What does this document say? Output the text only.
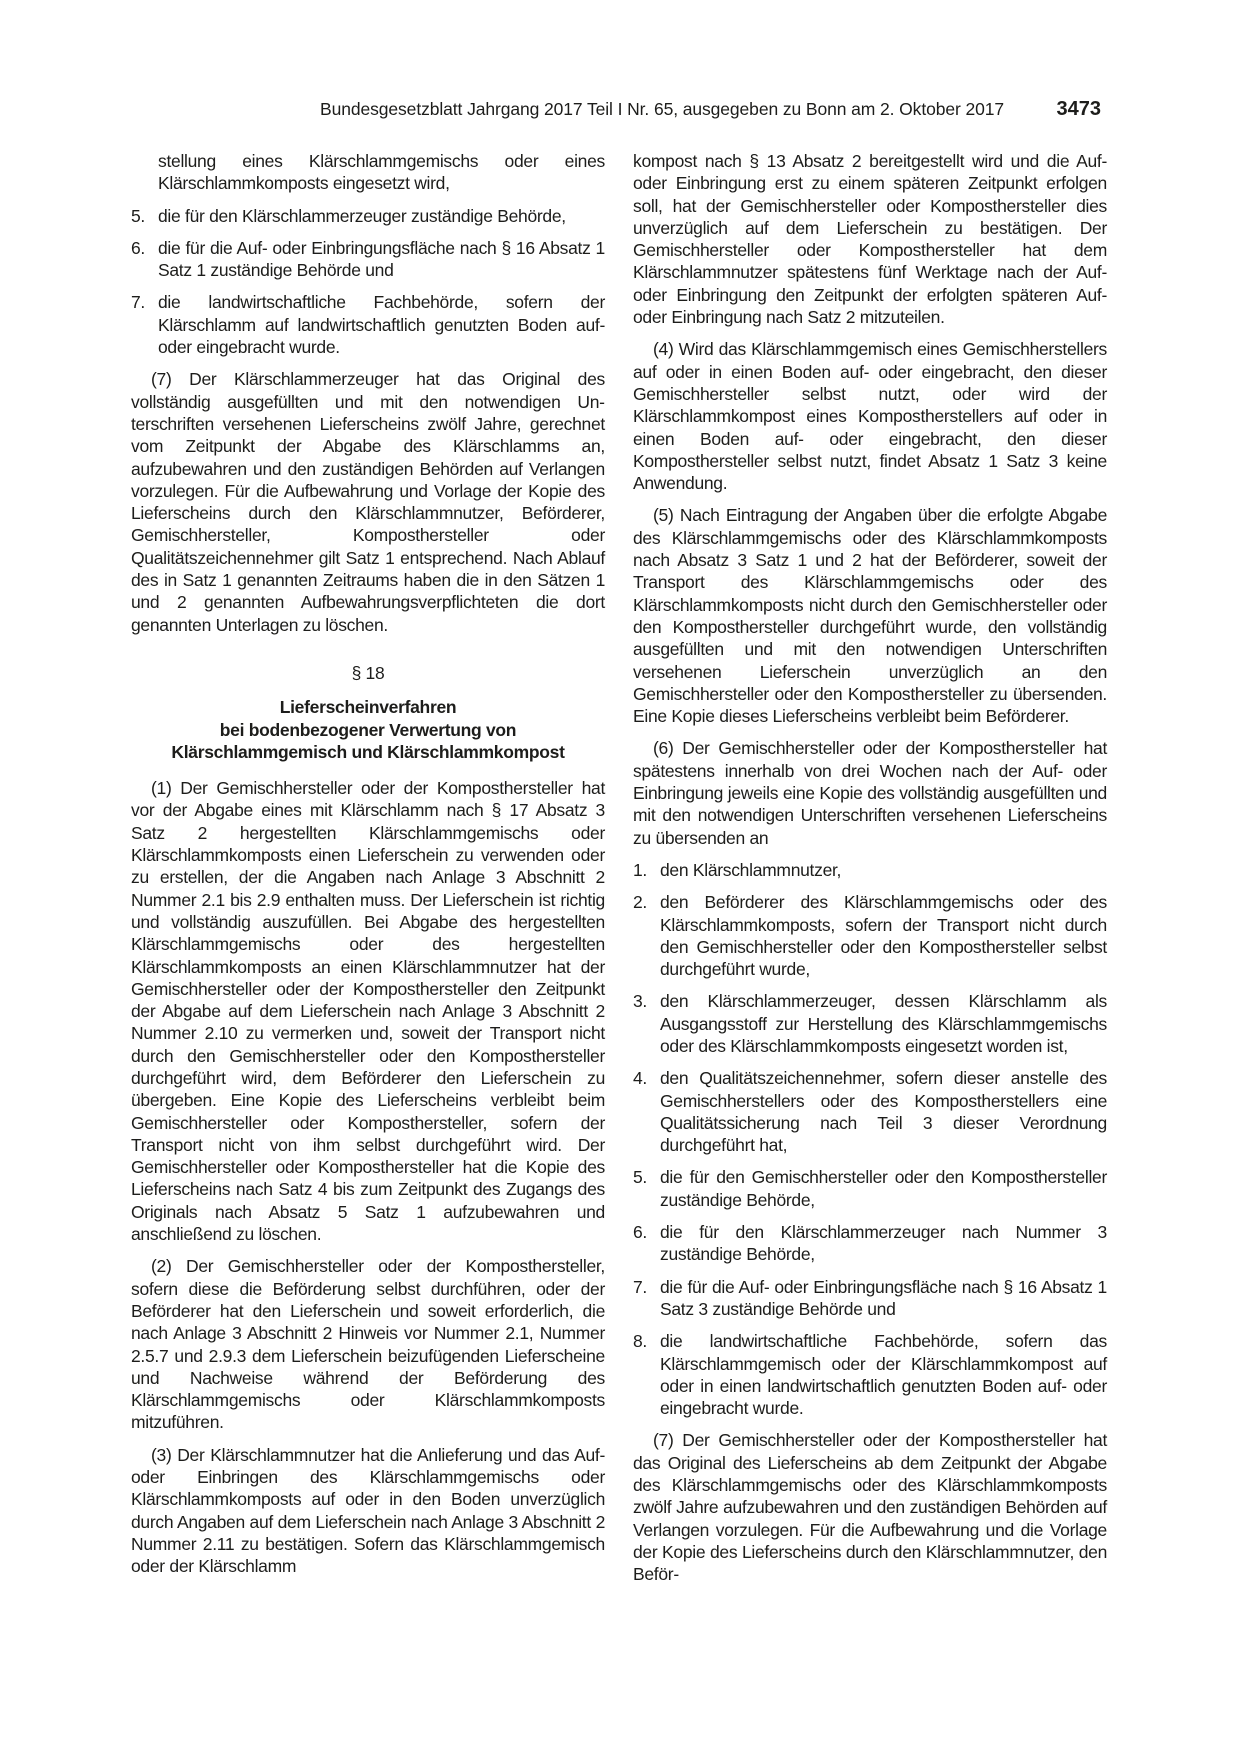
Bundesgesetzblatt Jahrgang 2017 Teil I Nr. 65, ausgegeben zu Bonn am 2. Oktober 2017	3473

stellung eines Klärschlammgemischs oder eines Klärschlammkomposts eingesetzt wird,

5. die für den Klärschlammerzeuger zuständige Behörde,
6. die für die Auf- oder Einbringungsfläche nach § 16 Absatz 1 Satz 1 zuständige Behörde und
7. die landwirtschaftliche Fachbehörde, sofern der Klärschlamm auf landwirtschaftlich genutzten Boden auf- oder eingebracht wurde.

(7) Der Klärschlammerzeuger hat das Original des vollständig ausgefüllten und mit den notwendigen Unterschriften versehenen Lieferscheins zwölf Jahre, gerechnet vom Zeitpunkt der Abgabe des Klärschlamms an, aufzubewahren und den zuständigen Behörden auf Verlangen vorzulegen. Für die Aufbewahrung und Vorlage der Kopie des Lieferscheins durch den Klärschlammnutzer, Beförderer, Gemischhersteller, Komposthersteller oder Qualitätszeichennehmer gilt Satz 1 entsprechend. Nach Ablauf des in Satz 1 genannten Zeitraums haben die in den Sätzen 1 und 2 genannten Aufbewahrungsverpflichteten die dort genannten Unterlagen zu löschen.

§ 18

Lieferscheinverfahren
bei bodenbezogener Verwertung von
Klärschlammgemisch und Klärschlammkompost

(1) Der Gemischhersteller oder der Komposthersteller hat vor der Abgabe eines mit Klärschlamm nach § 17 Absatz 3 Satz 2 hergestellten Klärschlammgemischs oder Klärschlammkomposts einen Lieferschein zu verwenden oder zu erstellen, der die Angaben nach Anlage 3 Abschnitt 2 Nummer 2.1 bis 2.9 enthalten muss. Der Lieferschein ist richtig und vollständig auszufüllen. Bei Abgabe des hergestellten Klärschlammgemischs oder des hergestellten Klärschlammkomposts an einen Klärschlammnutzer hat der Gemischhersteller oder der Komposthersteller den Zeitpunkt der Abgabe auf dem Lieferschein nach Anlage 3 Abschnitt 2 Nummer 2.10 zu vermerken und, soweit der Transport nicht durch den Gemischhersteller oder den Komposthersteller durchgeführt wird, dem Beförderer den Lieferschein zu übergeben. Eine Kopie des Lieferscheins verbleibt beim Gemischhersteller oder Komposthersteller, sofern der Transport nicht von ihm selbst durchgeführt wird. Der Gemischhersteller oder Komposthersteller hat die Kopie des Lieferscheins nach Satz 4 bis zum Zeitpunkt des Zugangs des Originals nach Absatz 5 Satz 1 aufzubewahren und anschließend zu löschen.

(2) Der Gemischhersteller oder der Komposthersteller, sofern diese die Beförderung selbst durchführen, oder der Beförderer hat den Lieferschein und soweit erforderlich, die nach Anlage 3 Abschnitt 2 Hinweis vor Nummer 2.1, Nummer 2.5.7 und 2.9.3 dem Lieferschein beizufügenden Lieferscheine und Nachweise während der Beförderung des Klärschlammgemischs oder Klärschlammkomposts mitzuführen.

(3) Der Klärschlammnutzer hat die Anlieferung und das Auf- oder Einbringen des Klärschlammgemischs oder Klärschlammkomposts auf oder in den Boden unverzüglich durch Angaben auf dem Lieferschein nach Anlage 3 Abschnitt 2 Nummer 2.11 zu bestätigen. Sofern das Klärschlammgemisch oder der Klärschlamm

kompost nach § 13 Absatz 2 bereitgestellt wird und die Auf- oder Einbringung erst zu einem späteren Zeitpunkt erfolgen soll, hat der Gemischhersteller oder Komposthersteller dies unverzüglich auf dem Lieferschein zu bestätigen. Der Gemischhersteller oder Komposthersteller hat dem Klärschlammnutzer spätestens fünf Werktage nach der Auf- oder Einbringung den Zeitpunkt der erfolgten späteren Auf- oder Einbringung nach Satz 2 mitzuteilen.

(4) Wird das Klärschlammgemisch eines Gemischherstellers auf oder in einen Boden auf- oder eingebracht, den dieser Gemischhersteller selbst nutzt, oder wird der Klärschlammkompost eines Kompostherstellers auf oder in einen Boden auf- oder eingebracht, den dieser Komposthersteller selbst nutzt, findet Absatz 1 Satz 3 keine Anwendung.

(5) Nach Eintragung der Angaben über die erfolgte Abgabe des Klärschlammgemischs oder des Klärschlammkomposts nach Absatz 3 Satz 1 und 2 hat der Beförderer, soweit der Transport des Klärschlammgemischs oder des Klärschlammkomposts nicht durch den Gemischhersteller oder den Komposthersteller durchgeführt wurde, den vollständig ausgefüllten und mit den notwendigen Unterschriften versehenen Lieferschein unverzüglich an den Gemischhersteller oder den Komposthersteller zu übersenden. Eine Kopie dieses Lieferscheins verbleibt beim Beförderer.

(6) Der Gemischhersteller oder der Komposthersteller hat spätestens innerhalb von drei Wochen nach der Auf- oder Einbringung jeweils eine Kopie des vollständig ausgefüllten und mit den notwendigen Unterschriften versehenen Lieferscheins zu übersenden an

1. den Klärschlammnutzer,
2. den Beförderer des Klärschlammgemischs oder des Klärschlammkomposts, sofern der Transport nicht durch den Gemischhersteller oder den Komposthersteller selbst durchgeführt wurde,
3. den Klärschlammerzeuger, dessen Klärschlamm als Ausgangsstoff zur Herstellung des Klärschlammgemischs oder des Klärschlammkomposts eingesetzt worden ist,
4. den Qualitätszeichennehmer, sofern dieser anstelle des Gemischherstellers oder des Kompostherstellers eine Qualitätssicherung nach Teil 3 dieser Verordnung durchgeführt hat,
5. die für den Gemischhersteller oder den Komposthersteller zuständige Behörde,
6. die für den Klärschlammerzeuger nach Nummer 3 zuständige Behörde,
7. die für die Auf- oder Einbringungsfläche nach § 16 Absatz 1 Satz 3 zuständige Behörde und
8. die landwirtschaftliche Fachbehörde, sofern das Klärschlammgemisch oder der Klärschlammkompost auf oder in einen landwirtschaftlich genutzten Boden auf- oder eingebracht wurde.

(7) Der Gemischhersteller oder der Komposthersteller hat das Original des Lieferscheins ab dem Zeitpunkt der Abgabe des Klärschlammgemischs oder des Klärschlammkomposts zwölf Jahre aufzubewahren und den zuständigen Behörden auf Verlangen vorzulegen. Für die Aufbewahrung und die Vorlage der Kopie des Lieferscheins durch den Klärschlammnutzer, den Beför-
